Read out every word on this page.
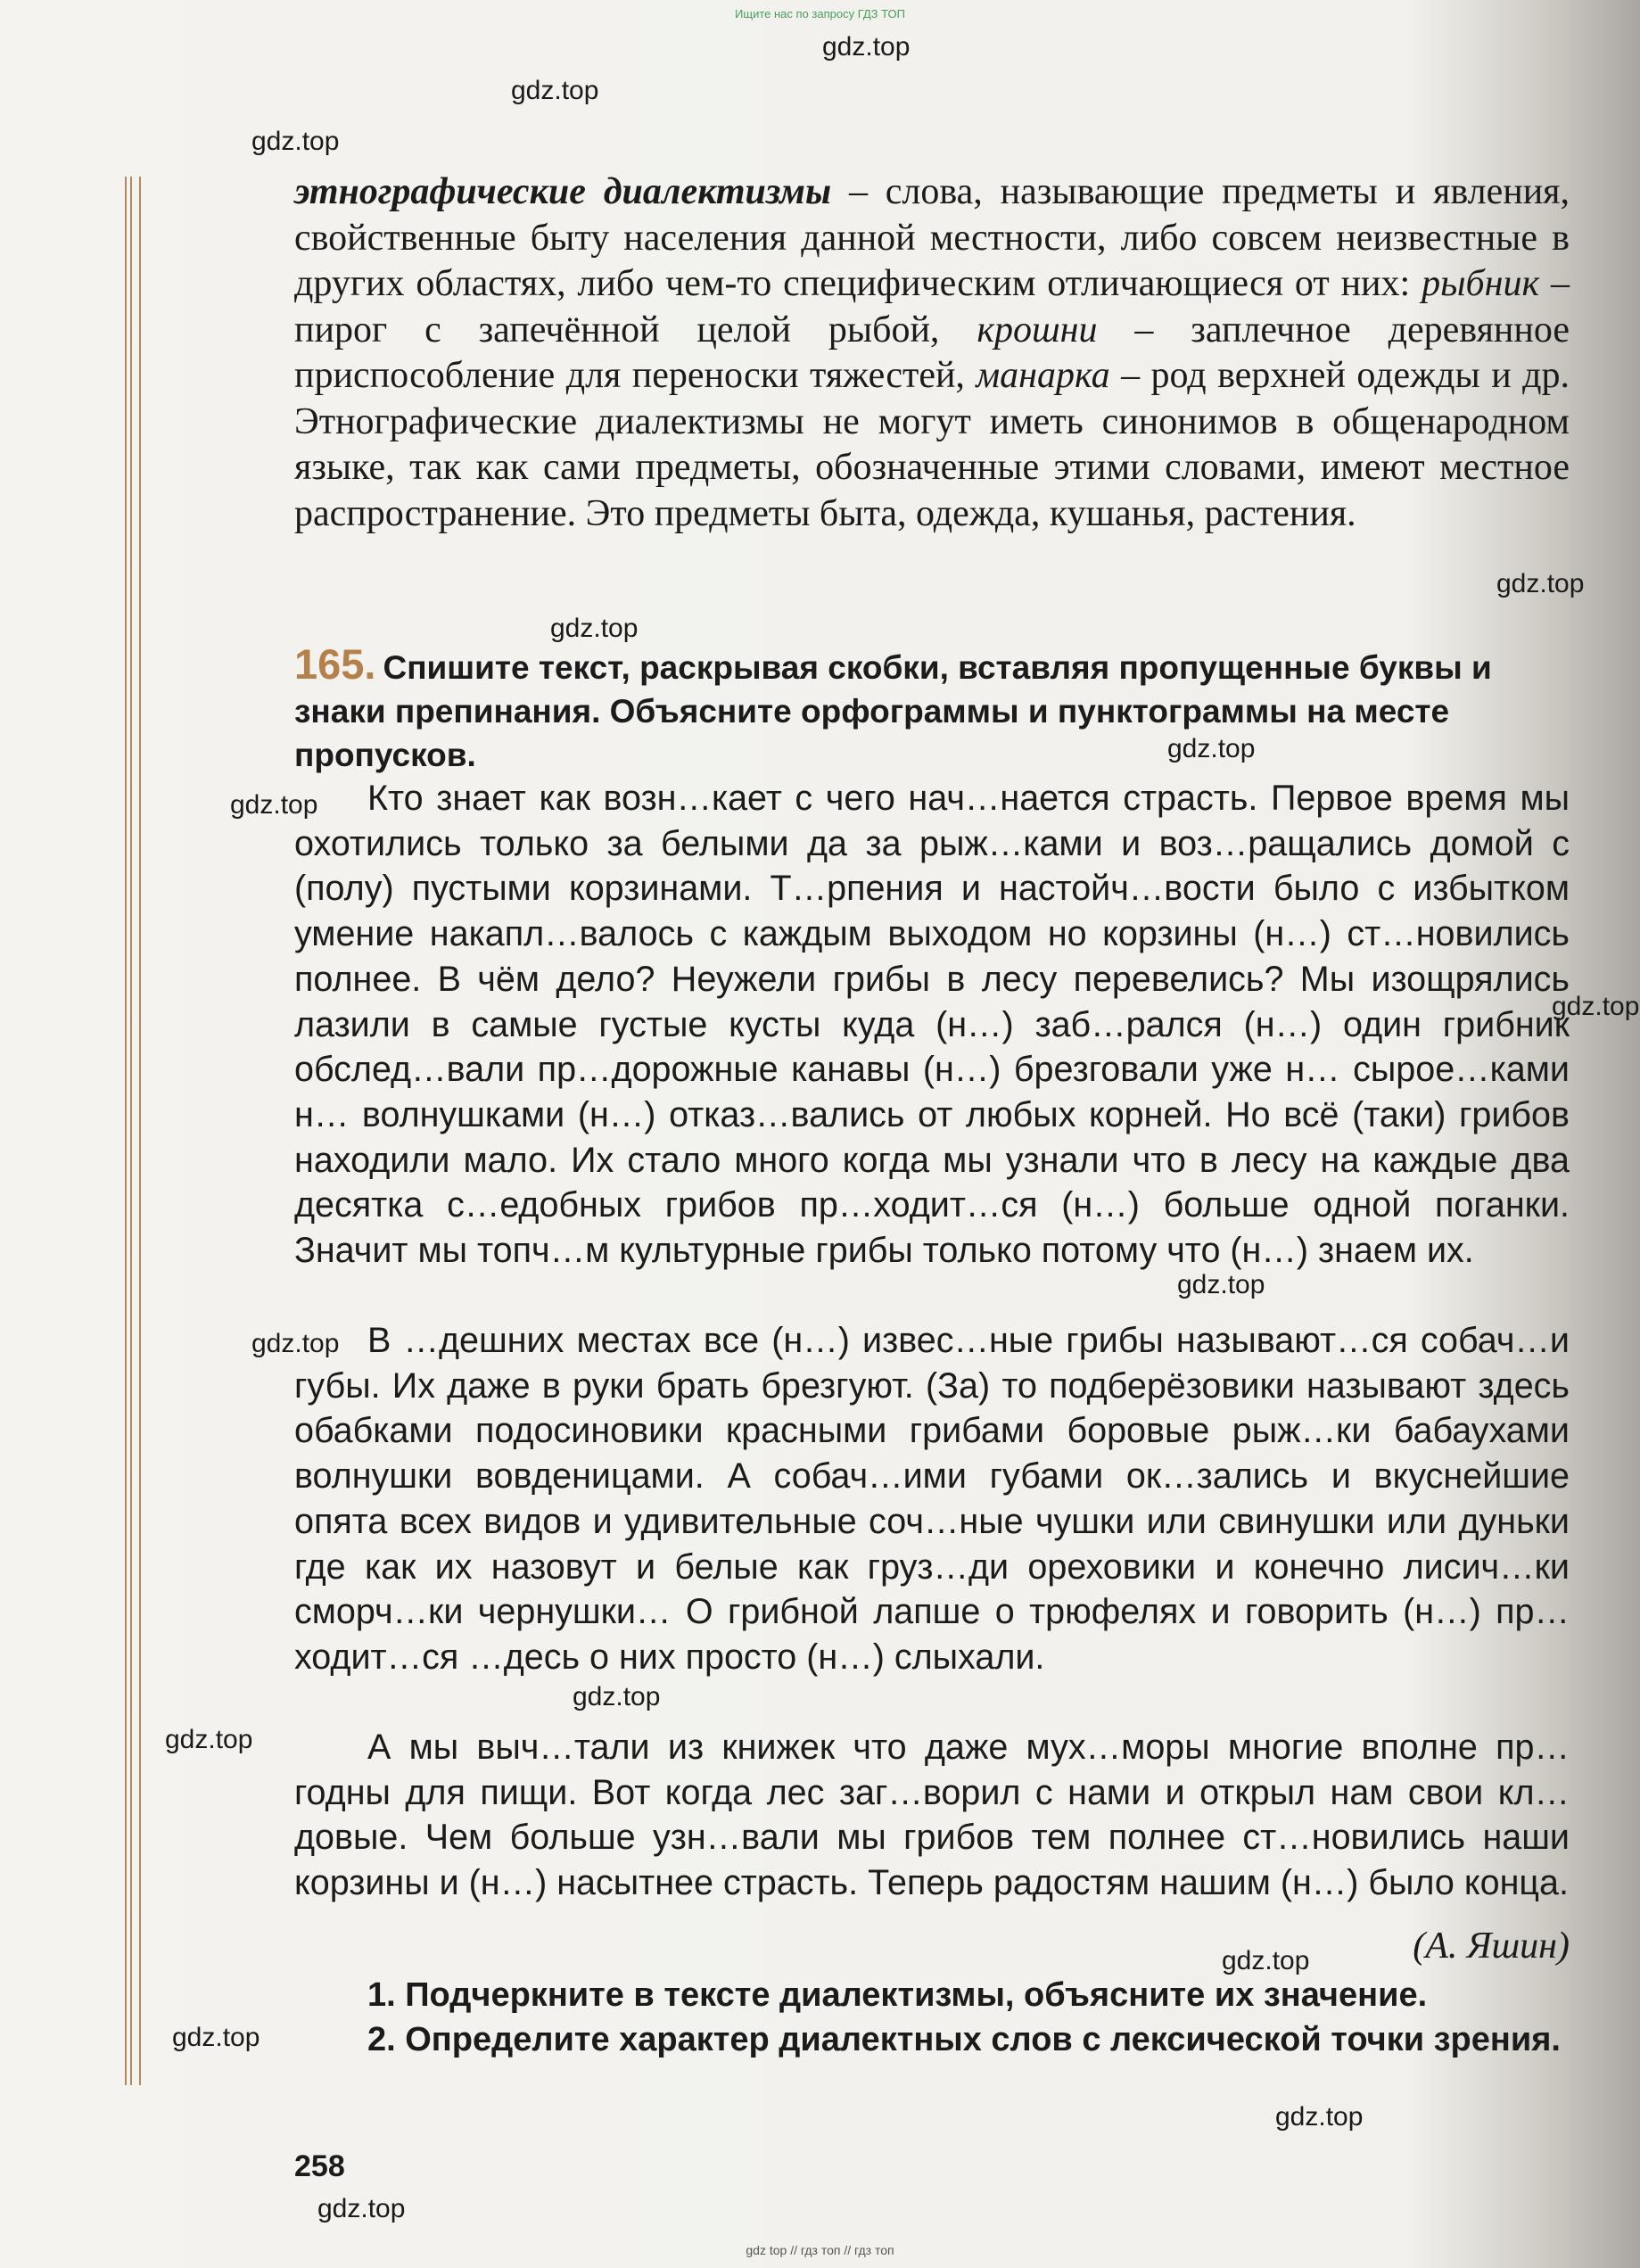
Ищите нас по запросу ГДЗ ТОП
этнографические диалектизмы – слова, называющие предметы и явления, свойственные быту населения данной местности, либо совсем неизвестные в других областях, либо чем-то специфическим отличающиеся от них: рыбник – пирог с запечённой целой рыбой, крошни – заплечное деревянное приспособление для переноски тяжестей, манарка – род верхней одежды и др. Этнографические диалектизмы не могут иметь синонимов в общенародном языке, так как сами предметы, обозначенные этими словами, имеют местное распространение. Это предметы быта, одежда, кушанья, растения.
165. Спишите текст, раскрывая скобки, вставляя пропущенные буквы и знаки препинания. Объясните орфограммы и пунктограммы на месте пропусков.

Кто знает как возн…кает с чего нач…нается страсть. Первое время мы охотились только за белыми да за рыж…ками и воз…ращались домой с (полу) пустыми корзинами. Т…рпения и настойч…вости было с избытком умение накапл…валось с каждым выходом но корзины (н…) ст…новились полнее. В чём дело? Неужели грибы в лесу перевелись? Мы изощрялись лазили в самые густые кусты куда (н…) заб…рался (н…) один грибник обслед…вали пр…дорожные канавы (н…) брезговали уже н… сырое…ками н… волнушками (н…) отказ…вались от любых корней. Но всё (таки) грибов находили мало. Их стало много когда мы узнали что в лесу на каждые два десятка с…едобных грибов пр…ходит…ся (н…) больше одной поганки. Значит мы топч…м культурные грибы только потому что (н…) знаем их.

В …дешних местах все (н…) извес…ные грибы называют…ся собач…и губы. Их даже в руки брать брезгуют. (За) то подберёзовики называют здесь обабками подосиновики красными грибами боровые рыж…ки бабаухами волнушки вовденицами. А собач…ими губами ок…зались и вкуснейшие опята всех видов и удивительные соч…ные чушки или свинушки или дуньки где как их назовут и белые как груз…ди ореховики и конечно лисич…ки сморч…ки чернушки… О грибной лапше о трюфелях и говорить (н…) пр…ходит…ся …десь о них просто (н…) слыхали.

А мы выч…тали из книжек что даже мух…моры многие вполне пр…годны для пищи. Вот когда лес заг…ворил с нами и открыл нам свои кл…довые. Чем больше узн…вали мы грибов тем полнее ст…новились наши корзины и (н…) насытнее страсть. Теперь радостям нашим (н…) было конца.

(А. Яшин)
1. Подчеркните в тексте диалектизмы, объясните их значение.
2. Определите характер диалектных слов с лексической точки зрения.
258
gdz.top
gdz.top
gdz.top
gdz.top
gdz.top
gdz.top
gdz.top
gdz.top
gdz.top
gdz.top
gdz.top
gdz.top
gdz.top
gdz.top
gdz.top
gdz.top
gdz top // гдз топ // гдз топ
